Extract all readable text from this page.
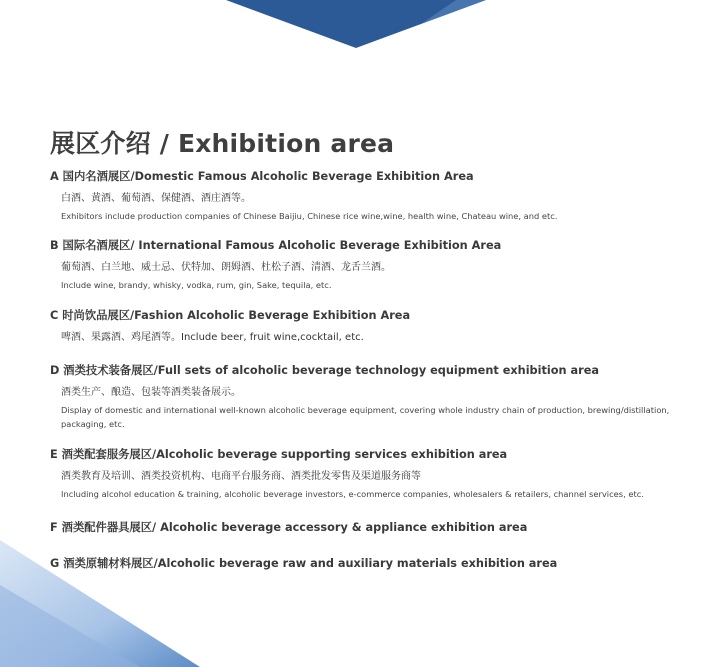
展区介绍 / Exhibition area
A 国内名酒展区/Domestic Famous Alcoholic Beverage Exhibition Area
白酒、黄酒、葡萄酒、保健酒、酒庄酒等。
Exhibitors include production companies of Chinese Baijiu, Chinese rice wine,wine, health wine, Chateau wine, and etc.
B 国际名酒展区/ International Famous Alcoholic Beverage Exhibition Area
葡萄酒、白兰地、威士忌、伏特加、朗姆酒、杜松子酒、清酒、龙舌兰酒。
Include wine, brandy, whisky, vodka, rum, gin, Sake, tequila, etc.
C 时尚饮品展区/Fashion Alcoholic Beverage Exhibition Area
啤酒、果露酒、鸡尾酒等。Include beer, fruit wine,cocktail, etc.
D 酒类技术装备展区/Full sets of alcoholic beverage technology equipment exhibition area
酒类生产、酿造、包装等酒类装备展示。
Display of domestic and international well-known alcoholic beverage equipment, covering whole industry chain of production, brewing/distillation, packaging, etc.
E 酒类配套服务展区/Alcoholic beverage supporting services exhibition area
酒类教育及培训、酒类投资机构、电商平台服务商、酒类批发零售及渠道服务商等
Including alcohol education & training, alcoholic beverage investors, e-commerce companies, wholesalers & retailers, channel services, etc.
F 酒类配件器具展区/ Alcoholic beverage accessory & appliance exhibition area
G 酒类原辅材料展区/Alcoholic beverage raw and auxiliary materials exhibition area
